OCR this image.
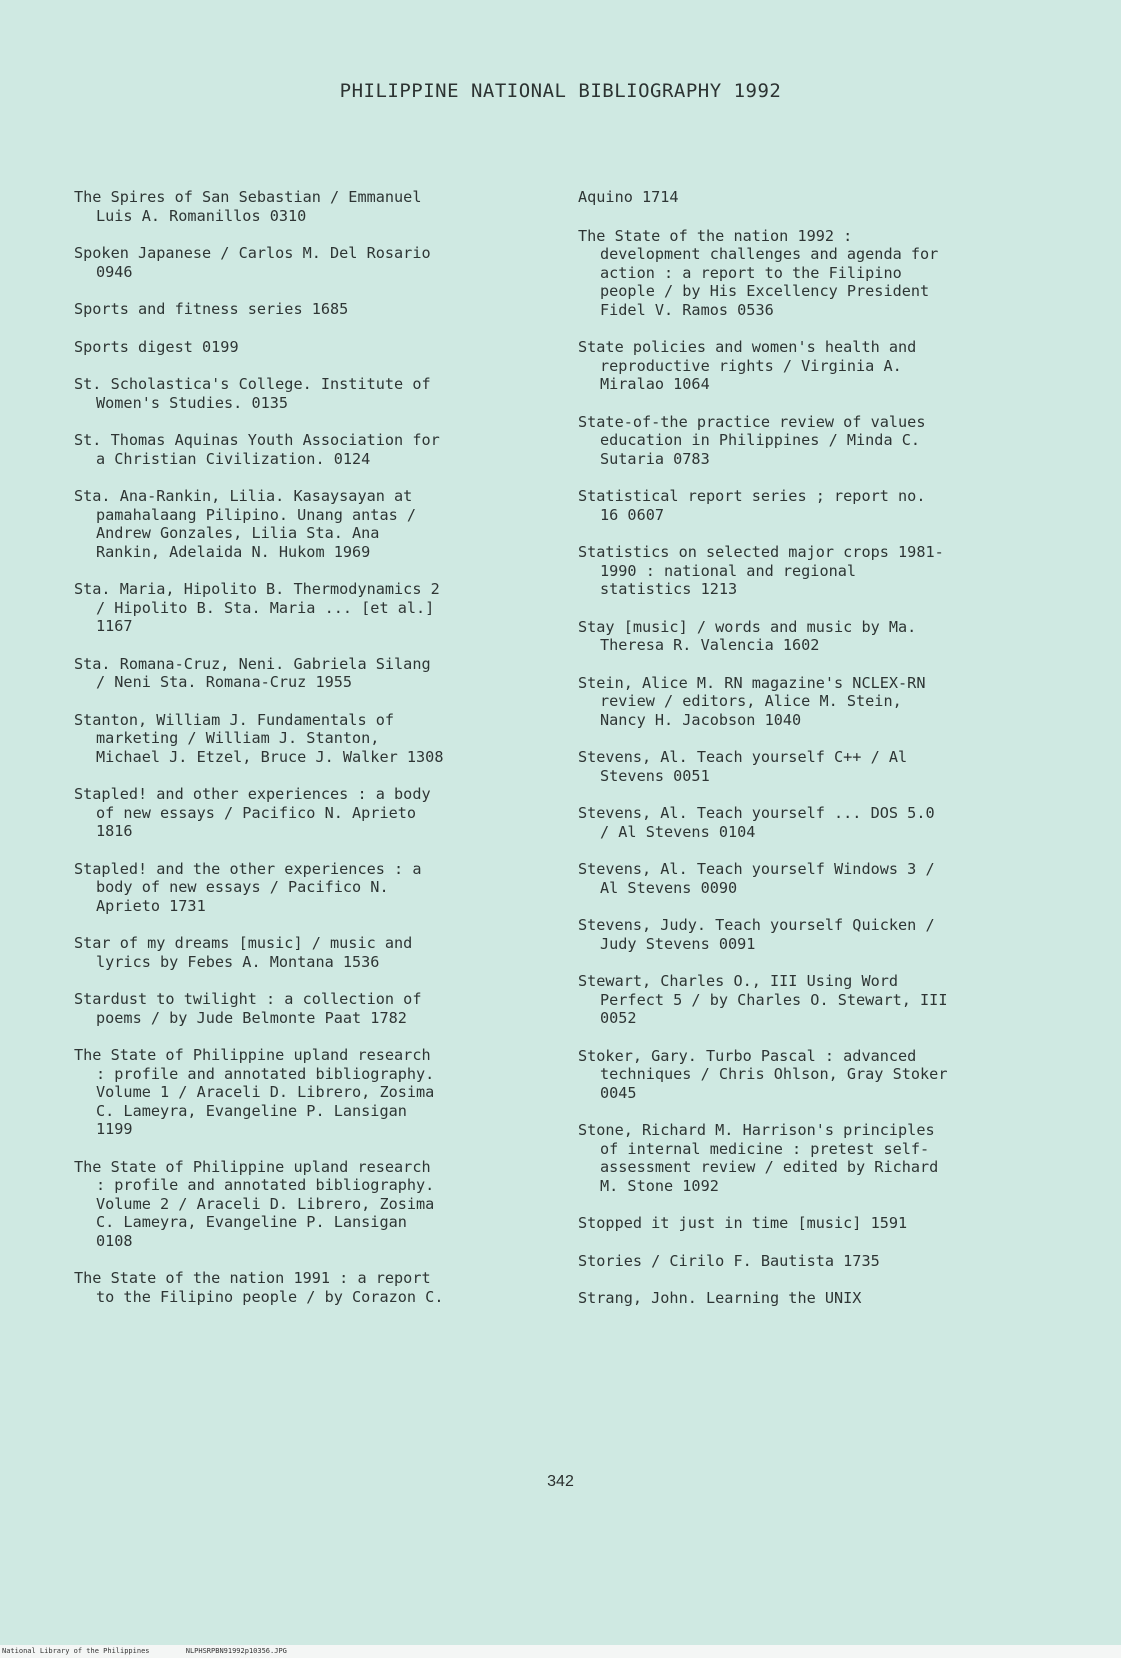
PHILIPPINE NATIONAL BIBLIOGRAPHY 1992

The Spires of San Sebastian / Emmanuel
Luis A. Romanillos 0310

Spoken Japanese / Carlos M. Del Rosario
0946

Sports and fitness series 1685

Sports digest 0199

St. Scholastica's College. Institute of
Women's Studies. 0135

St. Thomas Aquinas Youth Association for
a Christian Civilization. 0124

Sta. Ana-Rankin, Lilia. Kasaysayan at
pamahalaang Pilipino. Unang antas /
Andrew Gonzales, Lilia Sta. Ana
Rankin, Adelaida N. Hukom 1969

Sta. Maria, Hipolito B. Thermodynamics 2
/ Hipolito B. Sta. Maria ... [et al.]
1167

Sta. Romana-Cruz, Neni. Gabriela Silang
/ Neni Sta. Romana-Cruz 1955

Stanton, William J. Fundamentals of
marketing / William J. Stanton,
Michael J. Etzel, Bruce J. Walker 1308

Stapled! and other experiences : a body
of new essays / Pacifico N. Aprieto
1816

Stapled! and the other experiences : a
body of new essays / Pacifico N.
Aprieto 1731

Star of my dreams [music] / music and
lyrics by Febes A. Montana 1536

Stardust to twilight : a collection of
poems / by Jude Belmonte Paat 1782

The State of Philippine upland research
: profile and annotated bibliography.
Volume 1 / Araceli D. Librero, Zosima
C. Lameyra, Evangeline P. Lansigan
1199

The State of Philippine upland research
: profile and annotated bibliography.
Volume 2 / Araceli D. Librero, Zosima
C. Lameyra, Evangeline P. Lansigan
0108

The State of the nation 1991 : a report
to the Filipino people / by Corazon C.

Aquino 1714

The State of the nation 1992 :
development challenges and agenda for
action : a report to the Filipino
people / by His Excellency President
Fidel V. Ramos 0536

State policies and women's health and
reproductive rights / Virginia A.
Miralao 1064

State-of-the practice review of values
education in Philippines / Minda C.
Sutaria 0783

Statistical report series ; report no.
16 0607

Statistics on selected major crops 1981-
1990 : national and regional
statistics 1213

Stay [music] / words and music by Ma.
Theresa R. Valencia 1602

Stein, Alice M. RN magazine's NCLEX-RN
review / editors, Alice M. Stein,
Nancy H. Jacobson 1040

Stevens, Al. Teach yourself C++ / Al
Stevens 0051

Stevens, Al. Teach yourself ... DOS 5.0
/ Al Stevens 0104

Stevens, Al. Teach yourself Windows 3 /
Al Stevens 0090

Stevens, Judy. Teach yourself Quicken /
Judy Stevens 0091

Stewart, Charles O., III Using Word
Perfect 5 / by Charles O. Stewart, III
0052

Stoker, Gary. Turbo Pascal : advanced
techniques / Chris Ohlson, Gray Stoker
0045

Stone, Richard M. Harrison's principles
of internal medicine : pretest self-
assessment review / edited by Richard
M. Stone 1092

Stopped it just in time [music] 1591

Stories / Cirilo F. Bautista 1735

Strang, John. Learning the UNIX

342
National Library of the Philippines	NLPHSRPBN91992p10356.JPG
